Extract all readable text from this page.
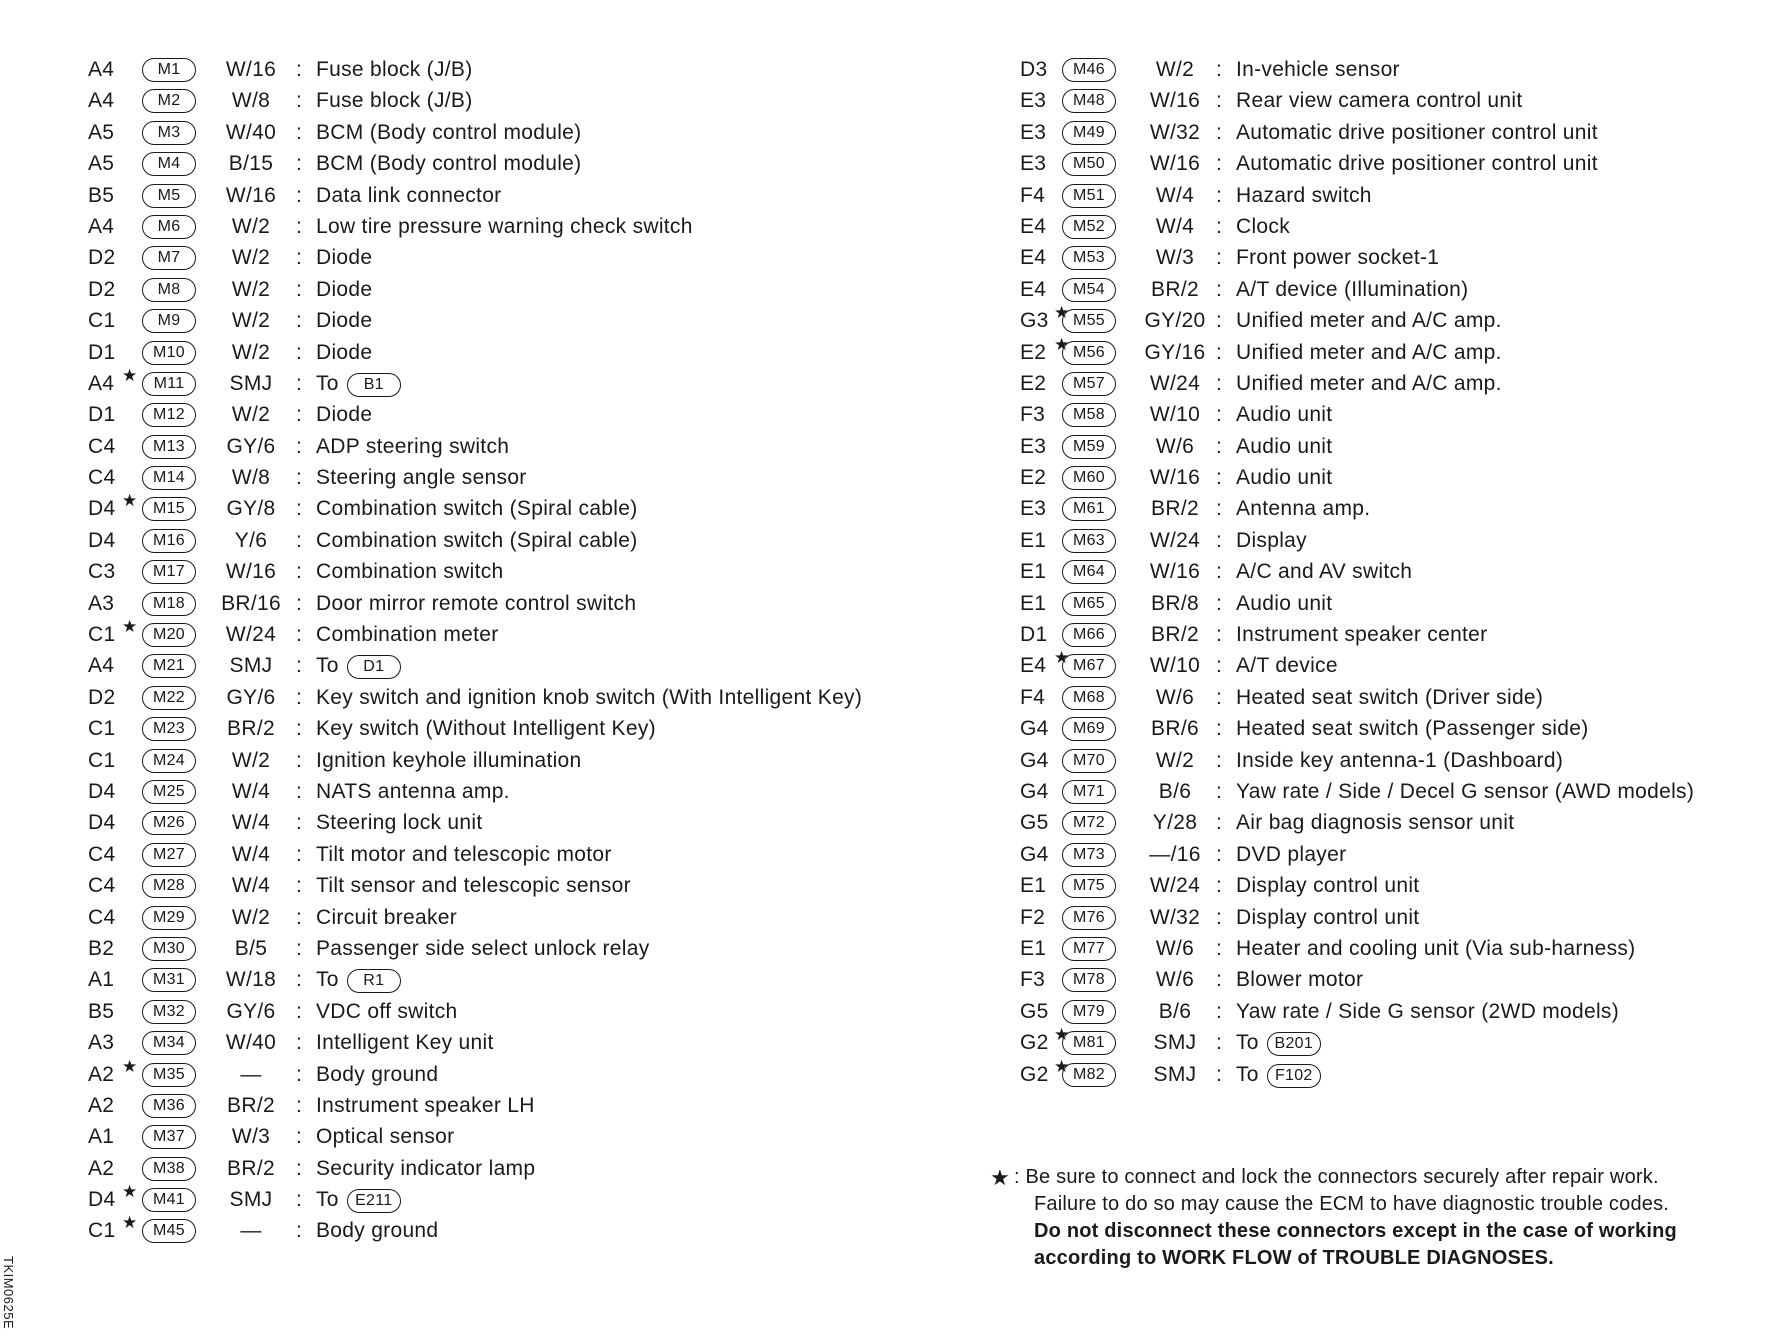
A4	M1	W/16 : Fuse block (J/B)
A4	M2	W/8	: Fuse block (J/B)
A5	M3	W/40 : BCM (Body control module)
A5	M4	B/15	: BCM (Body control module)
B5	M5	W/16 : Data link connector
A4	M6	W/2	: Low tire pressure warning check switch
D2	M7	W/2	: Diode
D2	M8	W/2	: Diode
C1	M9	W/2	: Diode
D1	M10	W/2	: Diode
A4 ★	M11	SMJ	: To B1
D1	M12	W/2	: Diode
C4	M13	GY/6 : ADP steering switch
C4	M14	W/8	: Steering angle sensor
D4 ★ M15	GY/8 : Combination switch (Spiral cable)
D4	M16	Y/6	: Combination switch (Spiral cable)
C3	M17	W/16 : Combination switch
A3	M18	BR/16 : Door mirror remote control switch
C1 ★ M20	W/24 : Combination meter
A4	M21	SMJ	: To D1
D2	M22	GY/6 : Key switch and ignition knob switch (With Intelligent Key)
C1	M23	BR/2	: Key switch (Without Intelligent Key)
C1	M24	W/2	: Ignition keyhole illumination
D4	M25	W/4	: NATS antenna amp.
D4	M26	W/4	: Steering lock unit
C4	M27	W/4	: Tilt motor and telescopic motor
C4	M28	W/4	: Tilt sensor and telescopic sensor
C4	M29	W/2	: Circuit breaker
B2	M30	B/5	: Passenger side select unlock relay
A1	M31	W/18 : To R1
B5	M32	GY/6 : VDC off switch
A3	M34	W/40 : Intelligent Key unit
A2 ★ M35	—	: Body ground
A2	M36	BR/2	: Instrument speaker LH
A1	M37	W/3	: Optical sensor
A2	M38	BR/2	: Security indicator lamp
D4 ★ M41	SMJ	: To E211
C1 ★ M45	—	: Body ground
D3	M46	W/2	: In-vehicle sensor
E3	M48	W/16 : Rear view camera control unit
E3	M49	W/32 : Automatic drive positioner control unit
E3	M50	W/16 : Automatic drive positioner control unit
F4	M51	W/4	: Hazard switch
E4	M52	W/4	: Clock
E4	M53	W/3	: Front power socket-1
E4	M54	BR/2 : A/T device (Illumination)
G3 ★ M55	GY/20 : Unified meter and A/C amp.
E2 ★ M56	GY/16 : Unified meter and A/C amp.
E2	M57	W/24 : Unified meter and A/C amp.
F3	M58	W/10 : Audio unit
E3	M59	W/6	: Audio unit
E2	M60	W/16 : Audio unit
E3	M61	BR/2 : Antenna amp.
E1	M63	W/24 : Display
E1	M64	W/16 : A/C and AV switch
E1	M65	BR/8 : Audio unit
D1	M66	BR/2 : Instrument speaker center
E4 ★ M67	W/10 : A/T device
F4	M68	W/6	: Heated seat switch (Driver side)
G4	M69	BR/6 : Heated seat switch (Passenger side)
G4	M70	W/2	: Inside key antenna-1 (Dashboard)
G4	M71	B/6	: Yaw rate / Side / Decel G sensor (AWD models)
G5	M72	Y/28 : Air bag diagnosis sensor unit
G4	M73	—/16 : DVD player
E1	M75	W/24 : Display control unit
F2	M76	W/32 : Display control unit
E1	M77	W/6	: Heater and cooling unit (Via sub-harness)
F3	M78	W/6	: Blower motor
G5	M79	B/6	: Yaw rate / Side G sensor (2WD models)
G2 ★ M81	SMJ : To B201
G2 ★ M82	SMJ : To F102
★ : Be sure to connect and lock the connectors securely after repair work.
Failure to do so may cause the ECM to have diagnostic trouble codes.
Do not disconnect these connectors except in the case of working
according to WORK FLOW of TROUBLE DIAGNOSES.
TKIM0625E
